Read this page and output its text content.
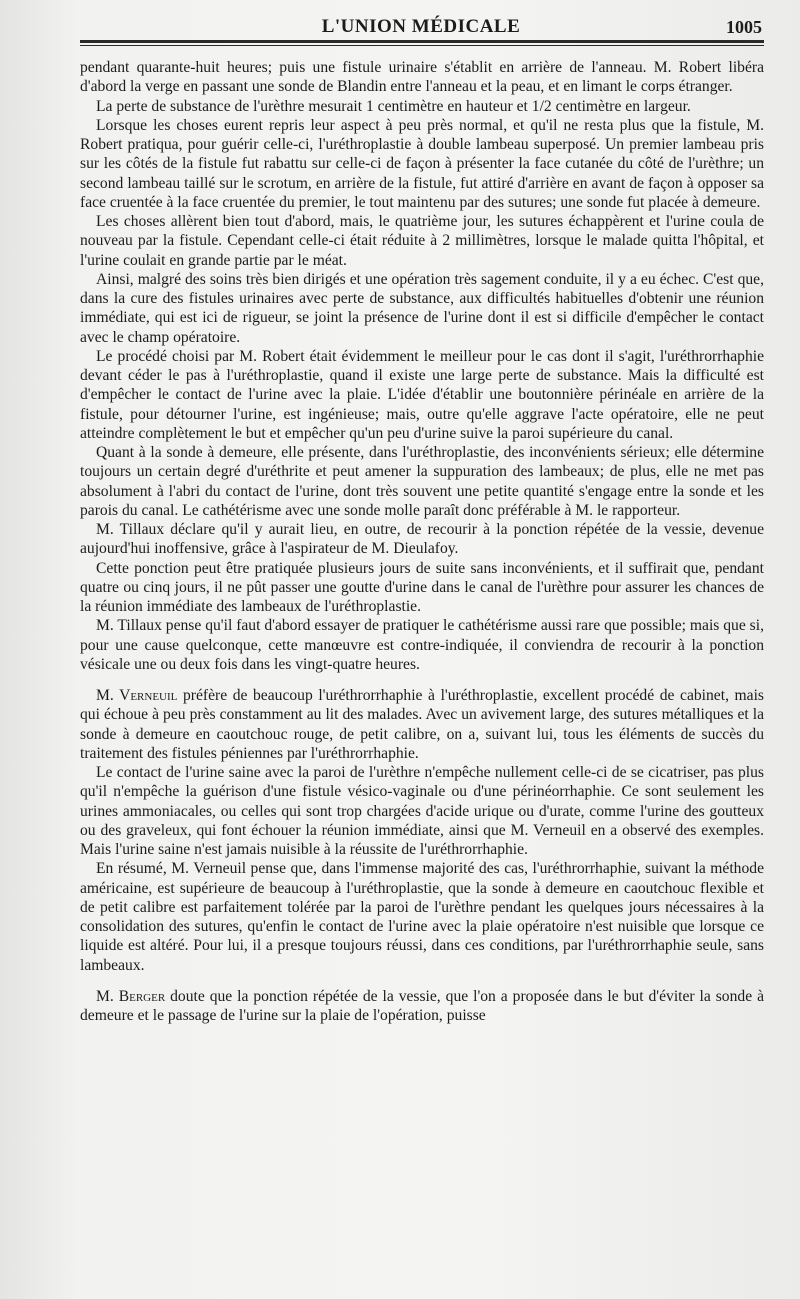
L'UNION MÉDICALE	1005

pendant quarante-huit heures; puis une fistule urinaire s'établit en arrière de l'anneau. M. Robert libéra d'abord la verge en passant une sonde de Blandin entre l'anneau et la peau, et en limant le corps étranger.

La perte de substance de l'urèthre mesurait 1 centimètre en hauteur et 1/2 centimètre en largeur.

Lorsque les choses eurent repris leur aspect à peu près normal, et qu'il ne resta plus que la fistule, M. Robert pratiqua, pour guérir celle-ci, l'uréthroplastie à double lambeau superposé. Un premier lambeau pris sur les côtés de la fistule fut rabattu sur celle-ci de façon à présenter la face cutanée du côté de l'urèthre; un second lambeau taillé sur le scrotum, en arrière de la fistule, fut attiré d'arrière en avant de façon à opposer sa face cruentée à la face cruentée du premier, le tout maintenu par des sutures; une sonde fut placée à demeure.

Les choses allèrent bien tout d'abord, mais, le quatrième jour, les sutures échappèrent et l'urine coula de nouveau par la fistule. Cependant celle-ci était réduite à 2 millimètres, lorsque le malade quitta l'hôpital, et l'urine coulait en grande partie par le méat.

Ainsi, malgré des soins très bien dirigés et une opération très sagement conduite, il y a eu échec. C'est que, dans la cure des fistules urinaires avec perte de substance, aux difficultés habituelles d'obtenir une réunion immédiate, qui est ici de rigueur, se joint la présence de l'urine dont il est si difficile d'empêcher le contact avec le champ opératoire.

Le procédé choisi par M. Robert était évidemment le meilleur pour le cas dont il s'agit, l'uréthrorrhaphie devant céder le pas à l'uréthroplastie, quand il existe une large perte de substance. Mais la difficulté est d'empêcher le contact de l'urine avec la plaie. L'idée d'établir une boutonnière périnéale en arrière de la fistule, pour détourner l'urine, est ingénieuse; mais, outre qu'elle aggrave l'acte opératoire, elle ne peut atteindre complètement le but et empêcher qu'un peu d'urine suive la paroi supérieure du canal.

Quant à la sonde à demeure, elle présente, dans l'uréthroplastie, des inconvénients sérieux; elle détermine toujours un certain degré d'uréthrite et peut amener la suppuration des lambeaux; de plus, elle ne met pas absolument à l'abri du contact de l'urine, dont très souvent une petite quantité s'engage entre la sonde et les parois du canal. Le cathétérisme avec une sonde molle paraît donc préférable à M. le rapporteur.

M. Tillaux déclare qu'il y aurait lieu, en outre, de recourir à la ponction répétée de la vessie, devenue aujourd'hui inoffensive, grâce à l'aspirateur de M. Dieulafoy.

Cette ponction peut être pratiquée plusieurs jours de suite sans inconvénients, et il suffirait que, pendant quatre ou cinq jours, il ne pût passer une goutte d'urine dans le canal de l'urèthre pour assurer les chances de la réunion immédiate des lambeaux de l'uréthroplastie.

M. Tillaux pense qu'il faut d'abord essayer de pratiquer le cathétérisme aussi rare que possible; mais que si, pour une cause quelconque, cette manœuvre est contre-indiquée, il conviendra de recourir à la ponction vésicale une ou deux fois dans les vingt-quatre heures.

M. Verneuil préfère de beaucoup l'uréthrorrhaphie à l'uréthroplastie, excellent procédé de cabinet, mais qui échoue à peu près constamment au lit des malades. Avec un avivement large, des sutures métalliques et la sonde à demeure en caoutchouc rouge, de petit calibre, on a, suivant lui, tous les éléments de succès du traitement des fistules péniennes par l'uréthrorrhaphie.

Le contact de l'urine saine avec la paroi de l'urèthre n'empêche nullement celle-ci de se cicatriser, pas plus qu'il n'empêche la guérison d'une fistule vésico-vaginale ou d'une périnéorrhaphie. Ce sont seulement les urines ammoniacales, ou celles qui sont trop chargées d'acide urique ou d'urate, comme l'urine des goutteux ou des graveleux, qui font échouer la réunion immédiate, ainsi que M. Verneuil en a observé des exemples. Mais l'urine saine n'est jamais nuisible à la réussite de l'uréthrorrhaphie.

En résumé, M. Verneuil pense que, dans l'immense majorité des cas, l'uréthrorrhaphie, suivant la méthode américaine, est supérieure de beaucoup à l'uréthroplastie, que la sonde à demeure en caoutchouc flexible et de petit calibre est parfaitement tolérée par la paroi de l'urèthre pendant les quelques jours nécessaires à la consolidation des sutures, qu'enfin le contact de l'urine avec la plaie opératoire n'est nuisible que lorsque ce liquide est altéré. Pour lui, il a presque toujours réussi, dans ces conditions, par l'uréthrorrhaphie seule, sans lambeaux.

M. Berger doute que la ponction répétée de la vessie, que l'on a proposée dans le but d'éviter la sonde à demeure et le passage de l'urine sur la plaie de l'opération, puisse
